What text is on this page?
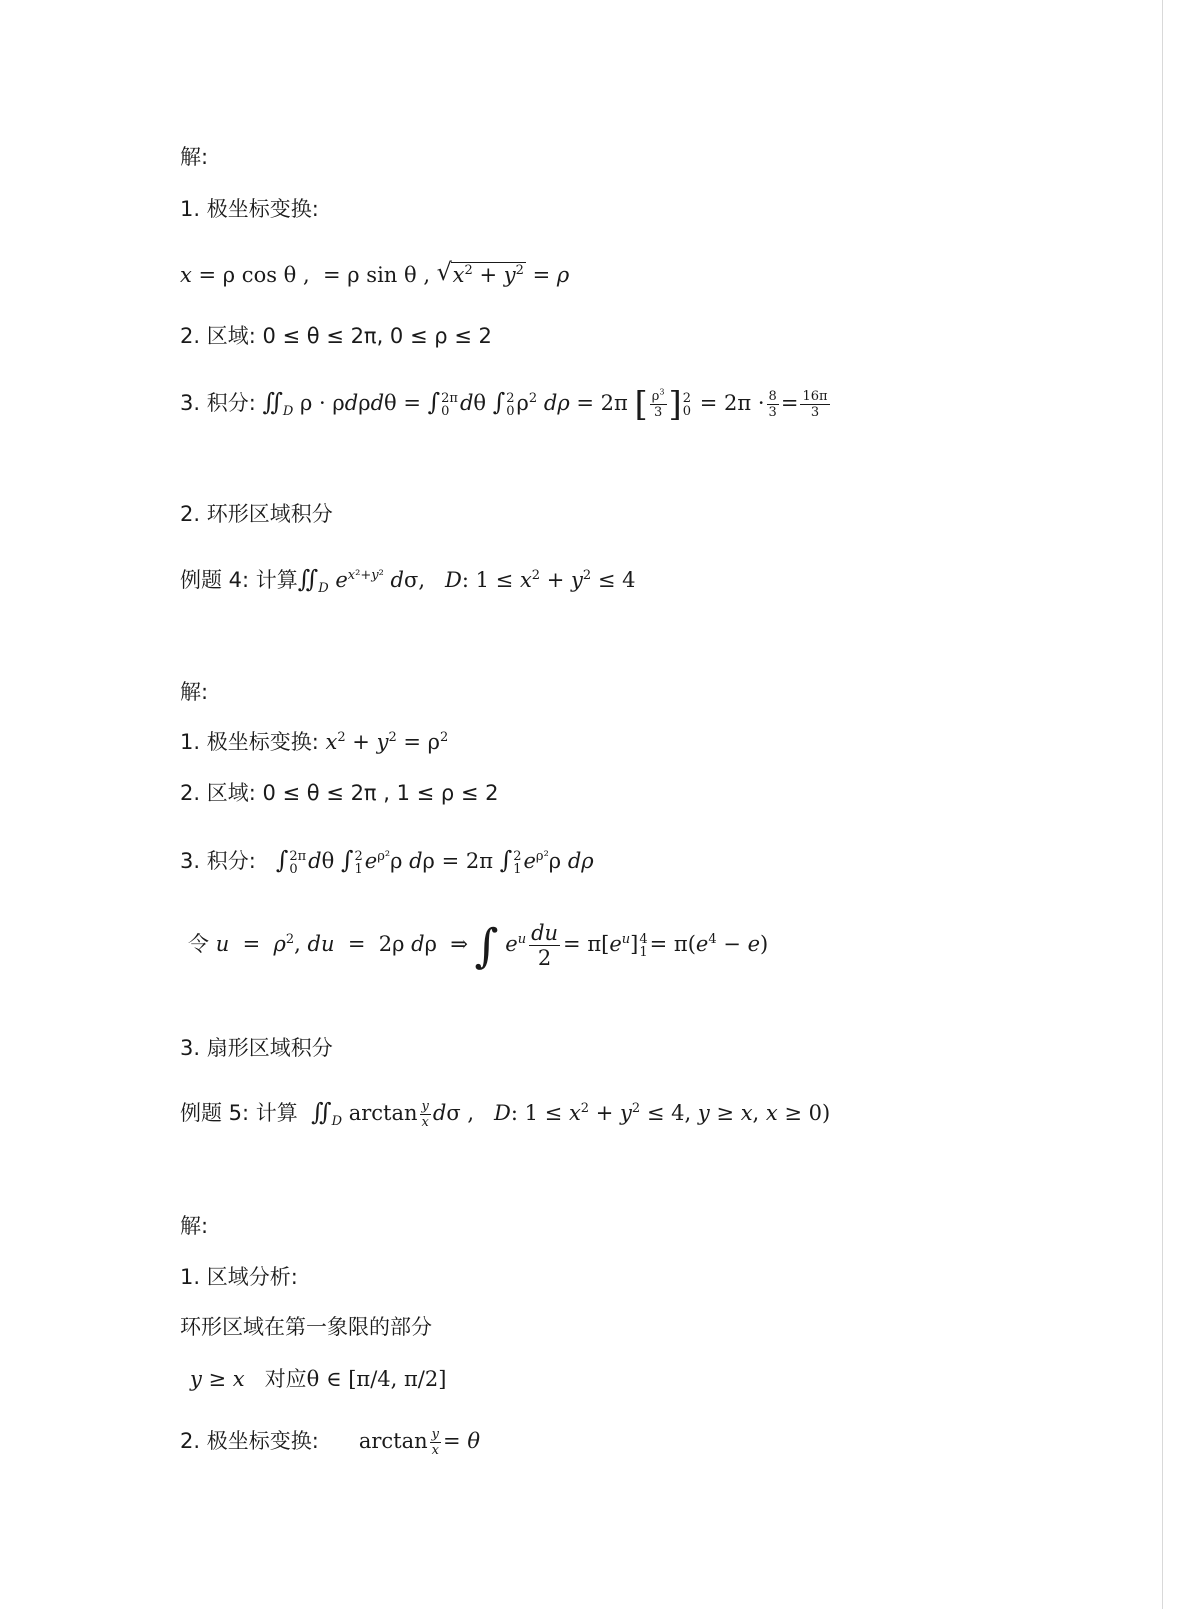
解:
1. 极坐标变换:
x = ρ cos θ ,  = ρ sin θ , √ $x^2 + y^2 = \rho$
2. 区域: 0 ≤ θ ≤ 2π, 0 ≤ ρ ≤ 2
3. 积分: $∬_D$ ρ · ρdρdθ = ∫ 2π
0 dθ ∫ 2
0 $\rho^2$ dρ = 2π [ $\frac{\rho^3}{3}$ ] 2
$0 = 2\pi \cdot \frac{8}{3} = \frac{16\pi}{3}$
2. 环形区域积分
例题 4: 计算$∬_D$ $e^{x^2+y^2}$ dσ,   D: $1 \le x^2 + y^2 \le 4$
解:
1. 极坐标变换: $x^2 + y^2 = \rho^2$
2. 区域: 0 ≤ θ ≤ 2π , 1 ≤ ρ ≤ 2
3. 积分: ∫ 2π
0 dθ ∫ 2
1 $e^{\rho^2}\rho$ dρ = 2π ∫ 2
1 $e^{\rho^2}\rho$ dρ
令 $u = \rho^2$, du  =  2ρ dρ  ⇒ ∫ $e^u \frac{du}{2} = \pi[e^u]$ 4
$1 = \pi(e^4 - e)$
3. 扇形区域积分
例题 5: 计算 $∬_D$ $\arctan \frac{y}{x}$ dσ ,   D: $1 \le x^2 + y^2 \le 4$, y ≥ x, x ≥ 0)
解:
1. 区域分析:
环形区域在第一象限的部分
y ≥ x 对应θ ∈ [π/4, π/2]
2. 极坐标变换: $\arctan \frac{y}{x} = \theta$
